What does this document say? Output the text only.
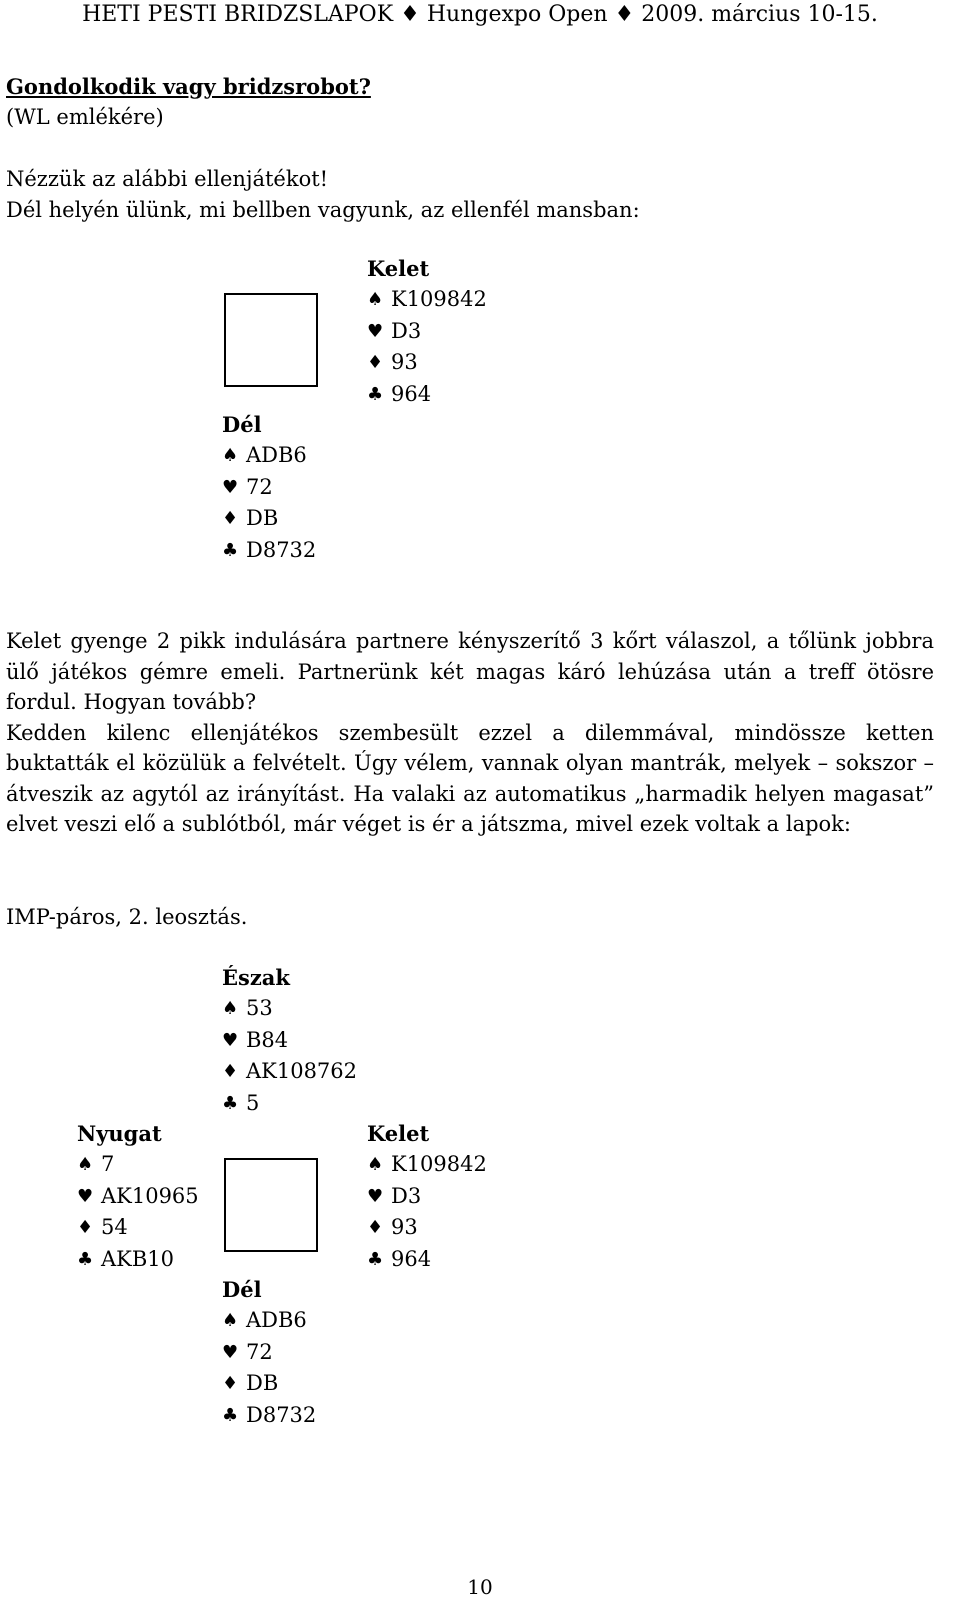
HETI PESTI BRIDZSLAPOK ♦ Hungexpo Open ♦ 2009. március 10-15.
Gondolkodik vagy bridzsrobot?
(WL emlékére)
Nézzük az alábbi ellenjátékot!
Dél helyén ülünk, mi bellben vagyunk, az ellenfél mansban:
Kelet
♠ K109842
♥ D3
♦ 93
♣ 964
Dél
♠ ADB6
♥ 72
♦ DB
♣ D8732

Kelet gyenge 2 pikk indulására partnere kényszerítő 3 kőrt válaszol, a tőlünk jobbra ülő játékos gémre emeli. Partnerünk két magas káró lehúzása után a treff ötösre fordul. Hogyan tovább?

Kedden kilenc ellenjátékos szembesült ezzel a dilemmával, mindössze ketten buktatták el közülük a felvételt. Úgy vélem, vannak olyan mantrák, melyek – sokszor – átveszik az agytól az irányítást. Ha valaki az automatikus „harmadik helyen magasat” elvet veszi elő a sublótból, már véget is ér a játszma, mivel ezek voltak a lapok:

IMP-páros, 2. leosztás.
Észak
♠ 53
♥ B84
♦ AK108762
♣ 5
Nyugat
♠ 7
♥ AK10965
♦ 54
♣ AKB10
Kelet
♠ K109842
♥ D3
♦ 93
♣ 964
Dél
♠ ADB6
♥ 72
♦ DB
♣ D8732
10
